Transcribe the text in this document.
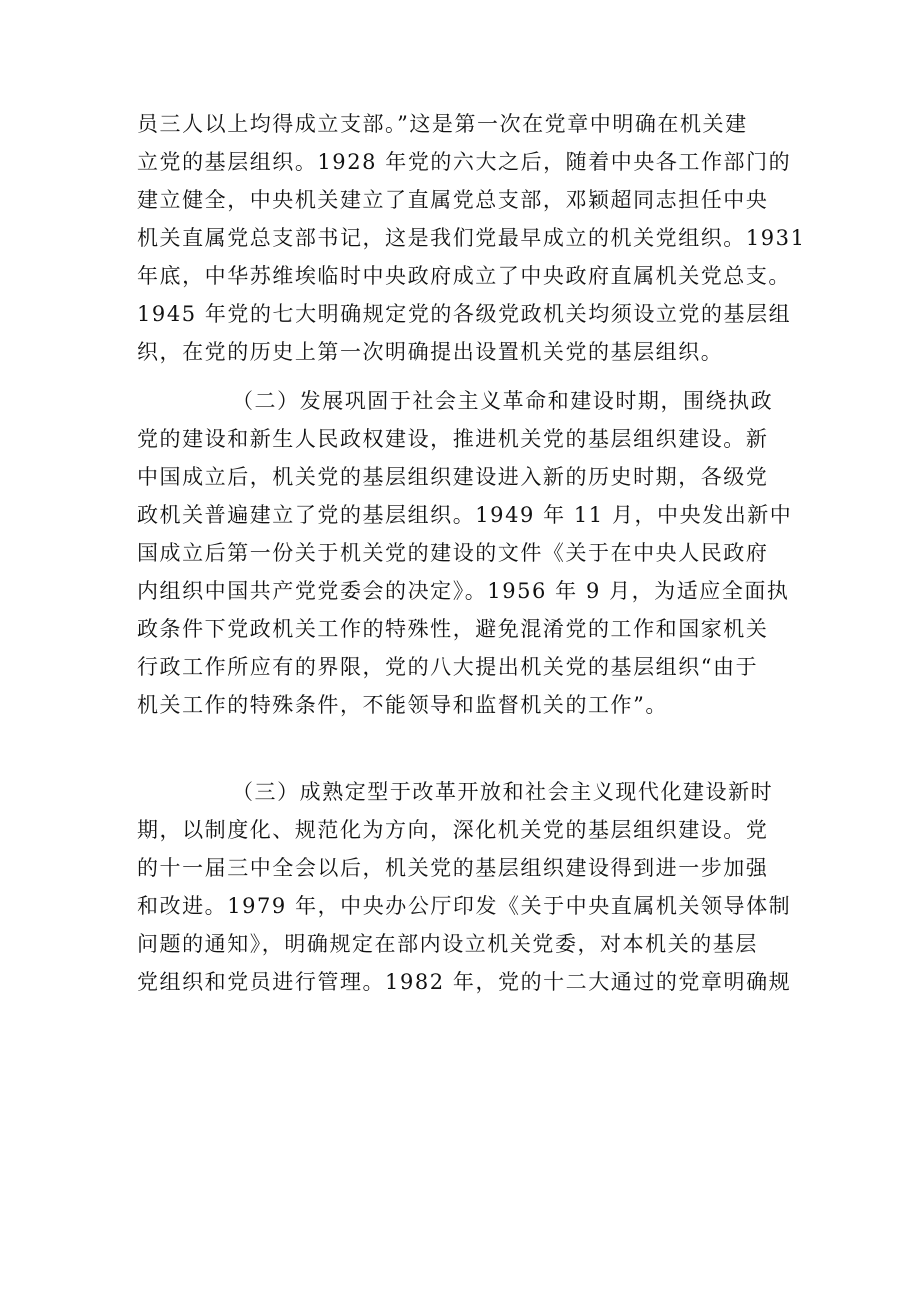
员三人以上均得成立支部。”这是第一次在党章中明确在机关建
立党的基层组织。1928 年党的六大之后，随着中央各工作部门的
建立健全，中央机关建立了直属党总支部，邓颖超同志担任中央
机关直属党总支部书记，这是我们党最早成立的机关党组织。1931
年底，中华苏维埃临时中央政府成立了中央政府直属机关党总支。
1945 年党的七大明确规定党的各级党政机关均须设立党的基层组
织，在党的历史上第一次明确提出设置机关党的基层组织。
（二）发展巩固于社会主义革命和建设时期，围绕执政
党的建设和新生人民政权建设，推进机关党的基层组织建设。新
中国成立后，机关党的基层组织建设进入新的历史时期，各级党
政机关普遍建立了党的基层组织。1949 年 11 月，中央发出新中
国成立后第一份关于机关党的建设的文件《关于在中央人民政府
内组织中国共产党党委会的决定》。1956 年 9 月，为适应全面执
政条件下党政机关工作的特殊性，避免混淆党的工作和国家机关
行政工作所应有的界限，党的八大提出机关党的基层组织“由于
机关工作的特殊条件，不能领导和监督机关的工作”。
（三）成熟定型于改革开放和社会主义现代化建设新时
期，以制度化、规范化为方向，深化机关党的基层组织建设。党
的十一届三中全会以后，机关党的基层组织建设得到进一步加强
和改进。1979 年，中央办公厅印发《关于中央直属机关领导体制
问题的通知》，明确规定在部内设立机关党委，对本机关的基层
党组织和党员进行管理。1982 年，党的十二大通过的党章明确规
